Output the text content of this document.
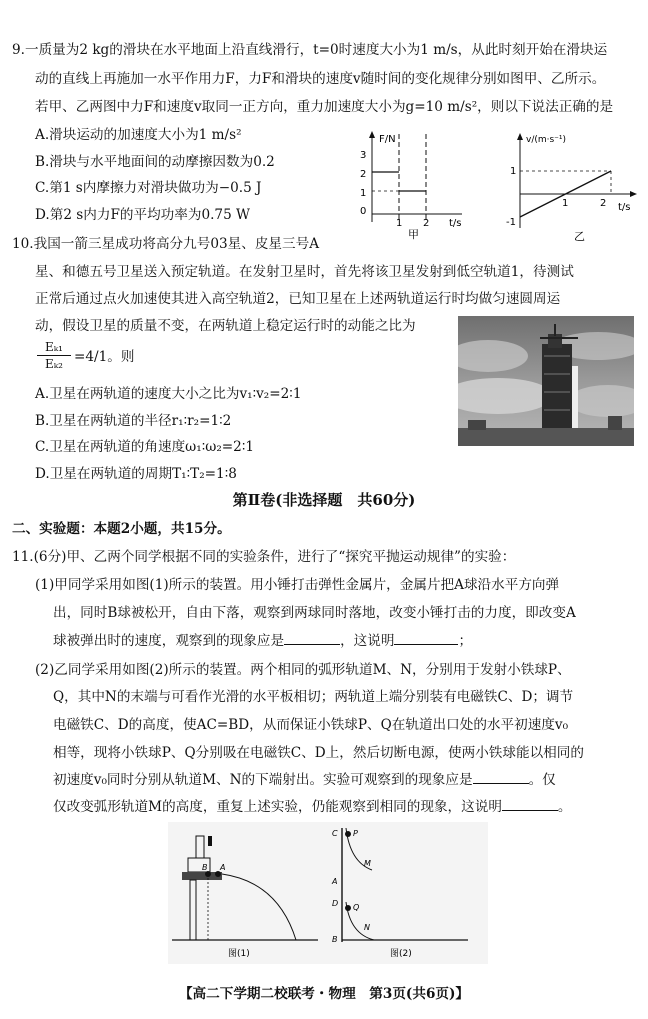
9.一质量为2 kg的滑块在水平地面上沿直线滑行，t=0时速度大小为1 m/s，从此时刻开始在滑块运
动的直线上再施加一水平作用力F，力F和滑块的速度v随时间的变化规律分别如图甲、乙所示。
若甲、乙两图中力F和速度v取同一正方向，重力加速度大小为g=10 m/s²，则以下说法正确的是
A.滑块运动的加速度大小为1 m/s²
B.滑块与水平地面间的动摩擦因数为0.2
C.第1 s内摩擦力对滑块做功为−0.5 J
D.第2 s内力F的平均功率为0.75 W
F/N
3
2
1
0
1 2 t/s
甲
v/(m·s⁻¹)
1
-1
1	2 t/s
乙
10.我国一箭三星成功将高分九号03星、皮星三号A
星、和德五号卫星送入预定轨道。在发射卫星时，首先将该卫星发射到低空轨道1，待测试
正常后通过点火加速使其进入高空轨道2，已知卫星在上述两轨道运行时均做匀速圆周运
动，假设卫星的质量不变，在两轨道上稳定运行时的动能之比为
Eₖ₁
Eₖ₂ =4/1。则
A.卫星在两轨道的速度大小之比为v₁∶v₂=2∶1
B.卫星在两轨道的半径r₁∶r₂=1∶2
C.卫星在两轨道的角速度ω₁∶ω₂=2∶1
D.卫星在两轨道的周期T₁∶T₂=1∶8
第Ⅱ卷(非选择题　共60分)
二、实验题：本题2小题，共15分。
11.(6分)甲、乙两个同学根据不同的实验条件，进行了“探究平抛运动规律”的实验：
(1)甲同学采用如图(1)所示的装置。用小锤打击弹性金属片，金属片把A球沿水平方向弹
出，同时B球被松开，自由下落，观察到两球同时落地，改变小锤打击的力度，即改变A
球被弹出时的速度，观察到的现象应是	，这说明	；
(2)乙同学采用如图(2)所示的装置。两个相同的弧形轨道M、N，分别用于发射小铁球P、
Q，其中N的末端与可看作光滑的水平板相切；两轨道上端分别装有电磁铁C、D；调节
电磁铁C、D的高度，使AC=BD，从而保证小铁球P、Q在轨道出口处的水平初速度v₀
相等，现将小铁球P、Q分别吸在电磁铁C、D上，然后切断电源，使两小铁球能以相同的
初速度v₀同时分别从轨道M、N的下端射出。实验可观察到的现象应是	。仅
仅改变弧形轨道M的高度，重复上述实验，仍能观察到相同的现象，这说明	。
A
B
图(1)
C P
M
A
D Q
N
B
图(2)
【高二下学期二校联考・物理　第3页(共6页)】
